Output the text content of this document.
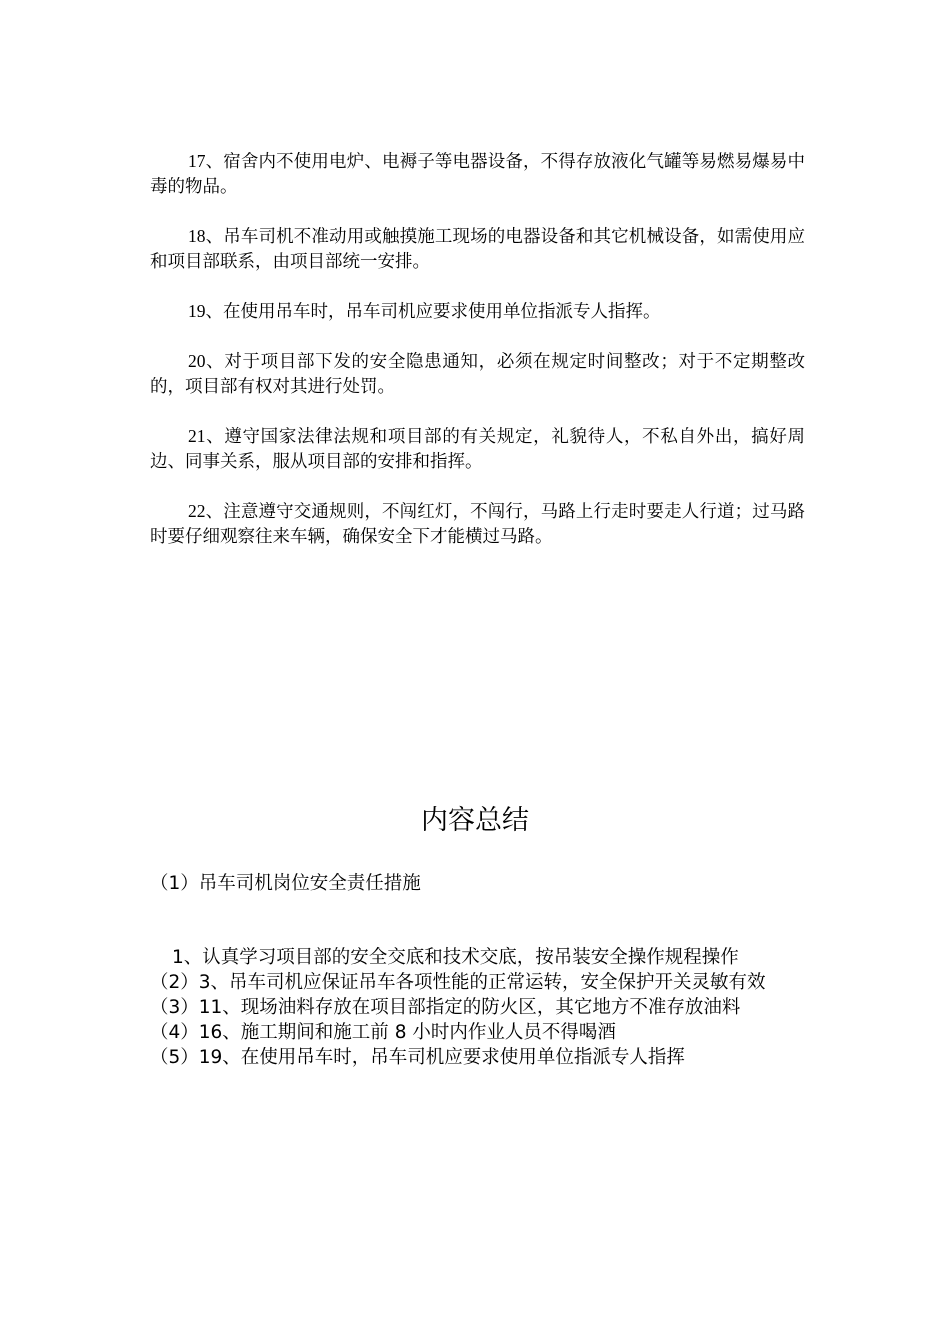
17、宿舍内不使用电炉、电褥子等电器设备，不得存放液化气罐等易燃易爆易中毒的物品。

18、吊车司机不准动用或触摸施工现场的电器设备和其它机械设备，如需使用应和项目部联系，由项目部统一安排。

19、在使用吊车时，吊车司机应要求使用单位指派专人指挥。

20、对于项目部下发的安全隐患通知，必须在规定时间整改；对于不定期整改的，项目部有权对其进行处罚。

21、遵守国家法律法规和项目部的有关规定，礼貌待人，不私自外出，搞好周边、同事关系，服从项目部的安排和指挥。

22、注意遵守交通规则，不闯红灯，不闯行，马路上行走时要走人行道；过马路时要仔细观察往来车辆，确保安全下才能横过马路。

内容总结
（1）吊车司机岗位安全责任措施

1、认真学习项目部的安全交底和技术交底，按吊装安全操作规程操作

（2）3、吊车司机应保证吊车各项性能的正常运转，安全保护开关灵敏有效

（3）11、现场油料存放在项目部指定的防火区，其它地方不准存放油料

（4）16、施工期间和施工前 8 小时内作业人员不得喝酒

（5）19、在使用吊车时，吊车司机应要求使用单位指派专人指挥
